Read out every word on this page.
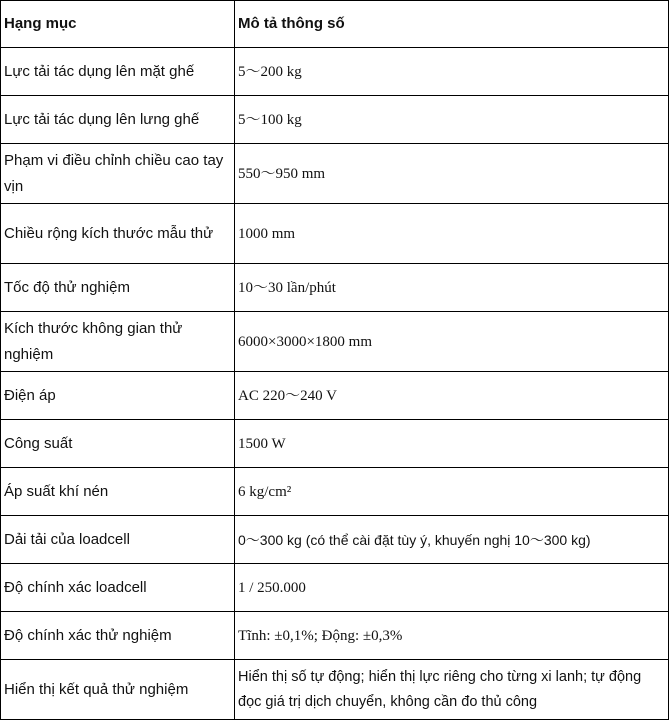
Hạng mục	Mô tả thông số
Lực tải tác dụng lên mặt ghế	5～200 kg
Lực tải tác dụng lên lưng ghế	5～100 kg
Phạm vi điều chỉnh chiều cao tay vịn	550～950 mm
Chiều rộng kích thước mẫu thử	1000 mm
Tốc độ thử nghiệm	10～30 lần/phút
Kích thước không gian thử nghiệm	6000×3000×1800 mm
Điện áp	AC 220～240 V
Công suất	1500 W
Áp suất khí nén	6 kg/cm²
Dải tải của loadcell	0～300 kg (có thể cài đặt tùy ý, khuyến nghị 10～300 kg)
Độ chính xác loadcell	1 / 250.000
Độ chính xác thử nghiệm	Tĩnh: ±0,1%; Động: ±0,3%
Hiển thị kết quả thử nghiệm	Hiển thị số tự động; hiển thị lực riêng cho từng xi lanh; tự động đọc giá trị dịch chuyển, không cần đo thủ công
